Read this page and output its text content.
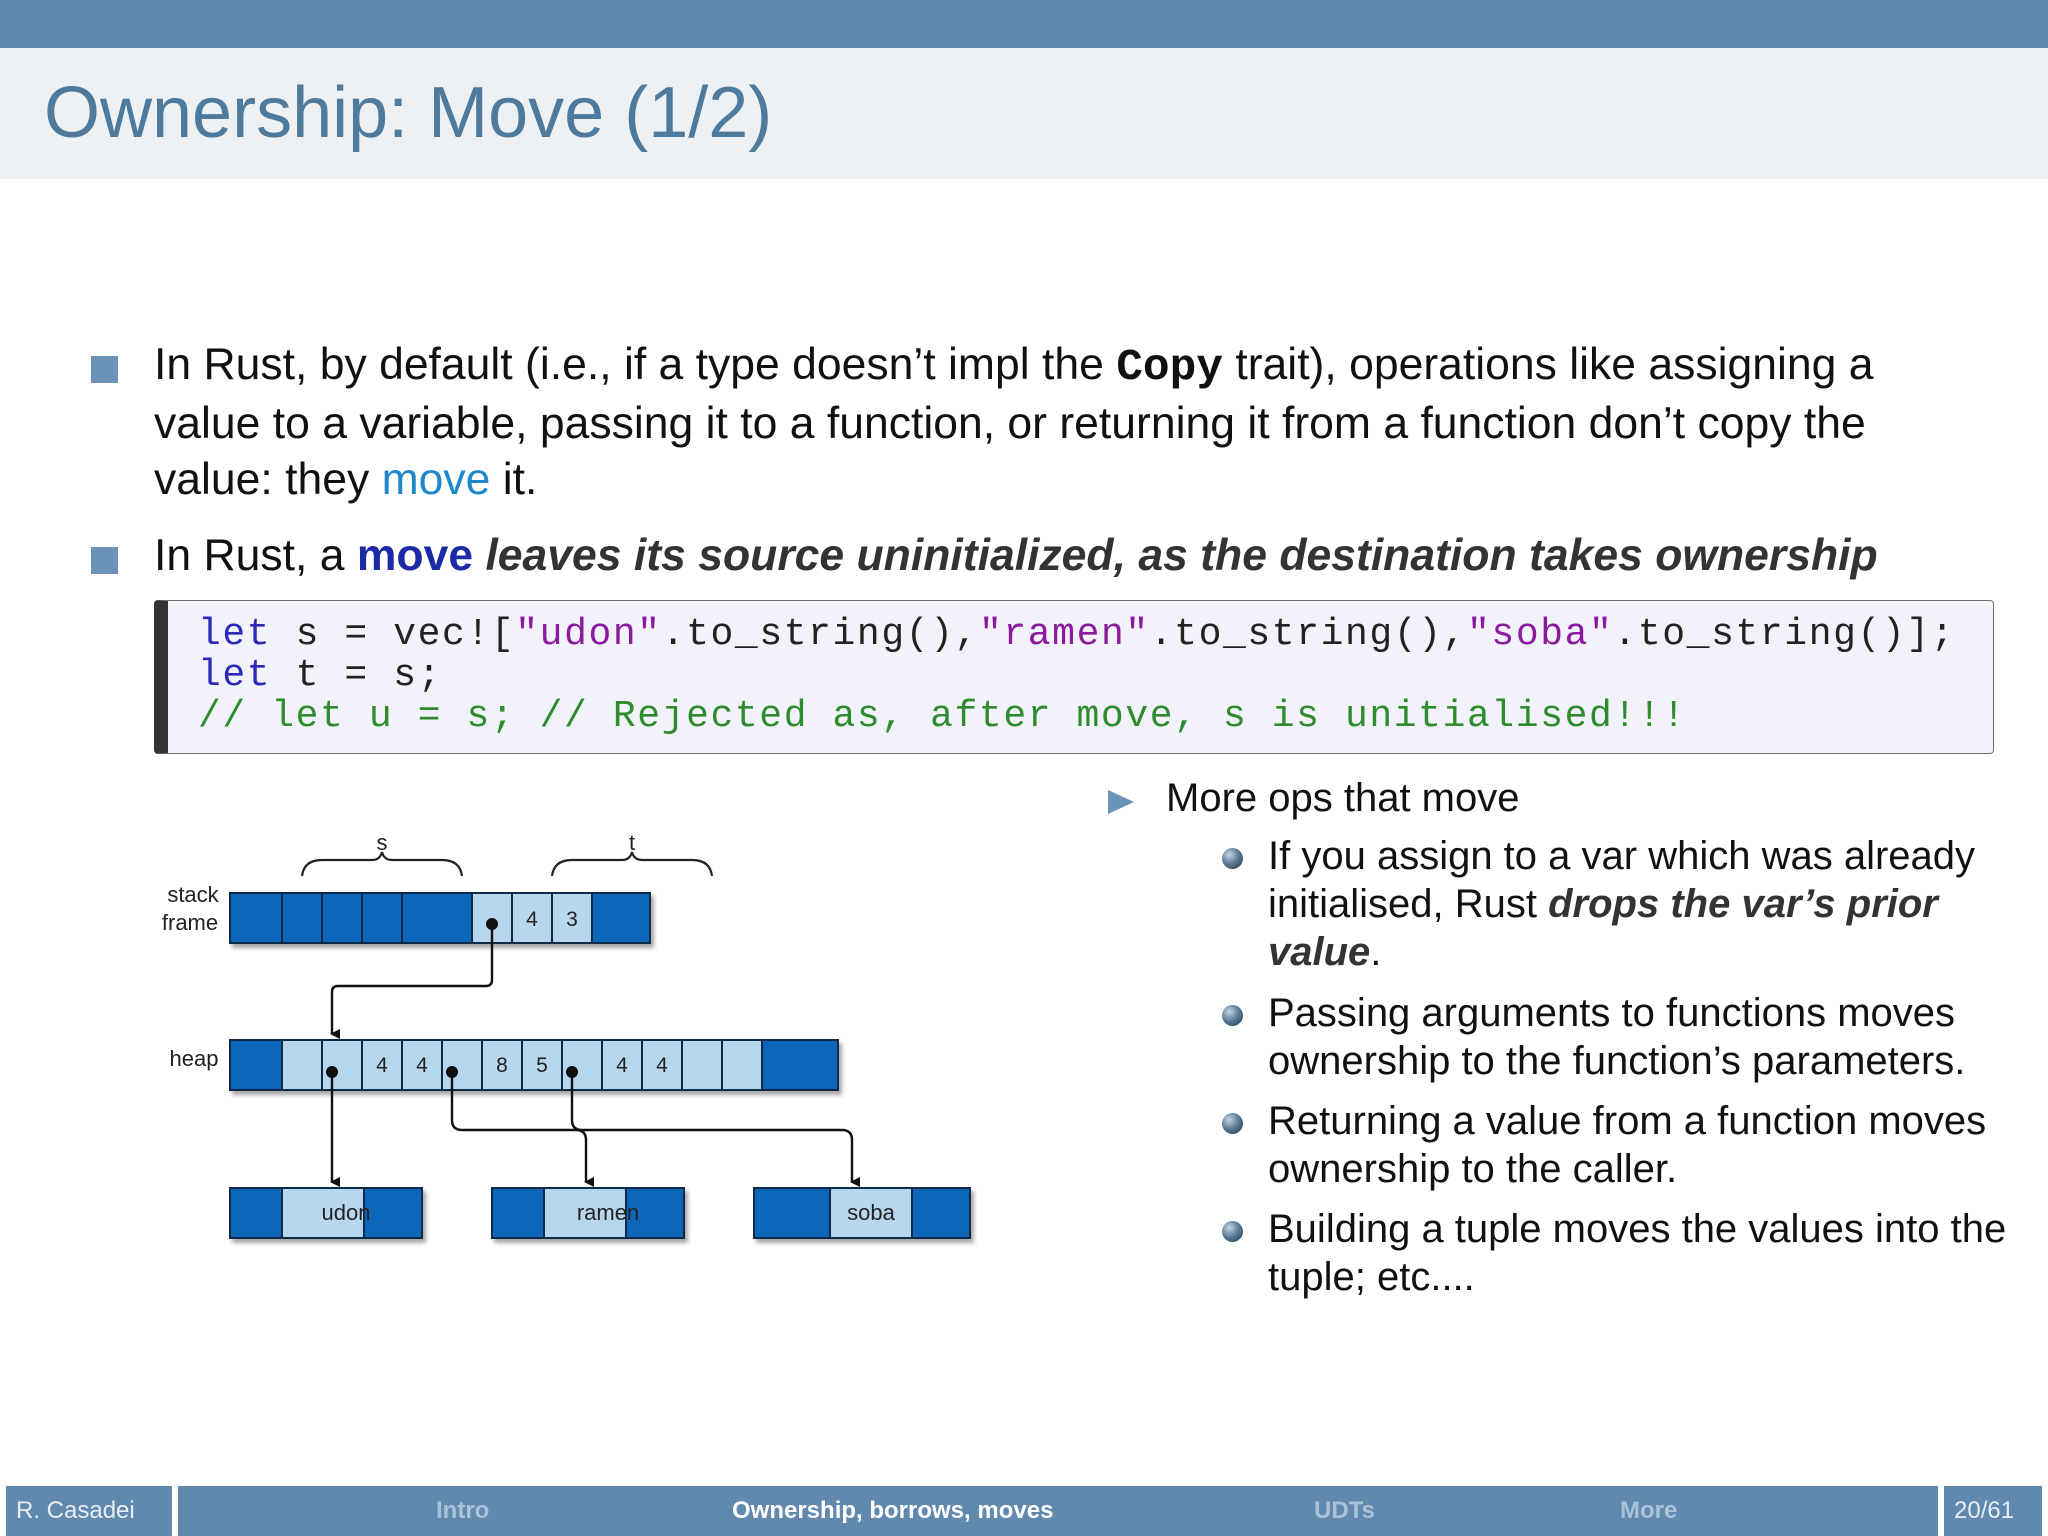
Ownership: Move (1/2)
In Rust, by default (i.e., if a type doesn’t impl the Copy trait), operations like assigning a
value to a variable, passing it to a function, or returning it from a function don’t copy the
value: they move it.
In Rust, a move leaves its source uninitialized, as the destination takes ownership
let s = vec!["udon".to_string(),"ramen".to_string(),"soba".to_string()];
let t = s;
// let u = s; // Rejected as, after move, s is unitialised!!!
s	t
stack
frame
heap
4 3
4 4	8 5	4 4
udon	ramen	soba
More ops that move
If you assign to a var which was already initialised, Rust drops the var’s prior value.
Passing arguments to functions moves ownership to the function’s parameters.
Returning a value from a function moves ownership to the caller.
Building a tuple moves the values into the tuple; etc....
R. Casadei	Intro	Ownership, borrows, moves	UDTs	More	20/61
